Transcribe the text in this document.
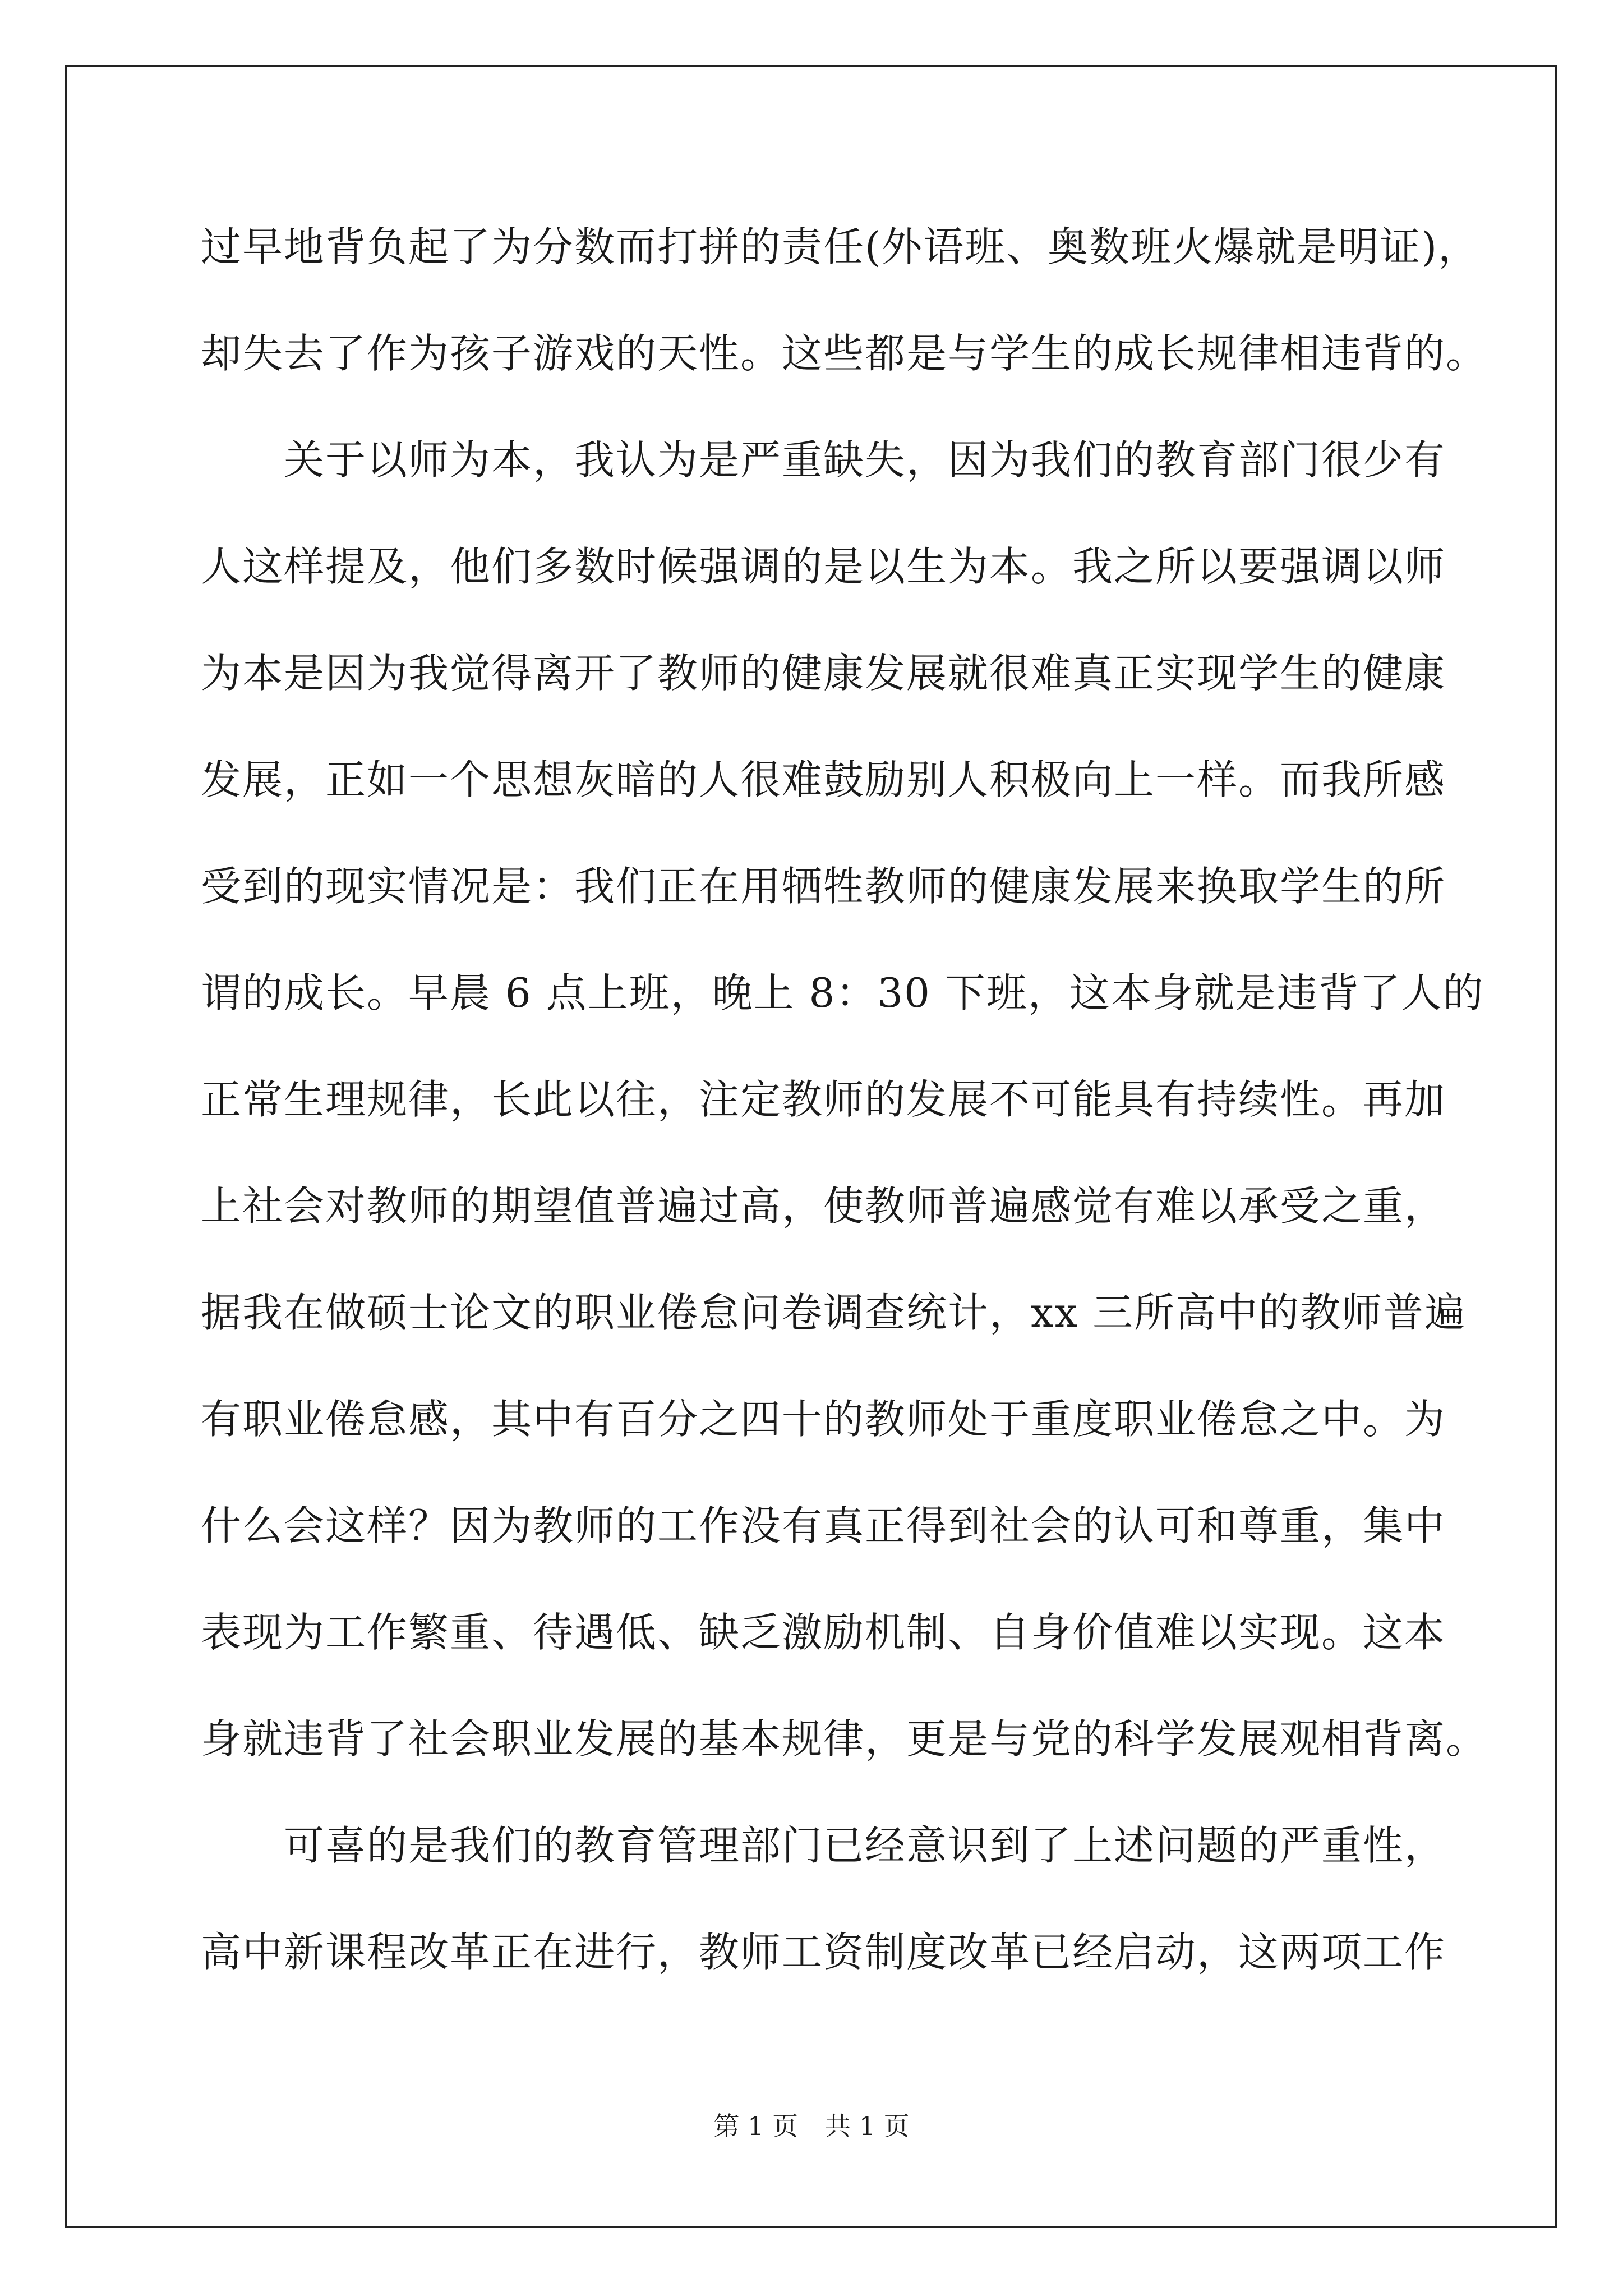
过早地背负起了为分数而打拼的责任(外语班、奥数班火爆就是明证)，
却失去了作为孩子游戏的天性。这些都是与学生的成长规律相违背的。
关于以师为本，我认为是严重缺失，因为我们的教育部门很少有
人这样提及，他们多数时候强调的是以生为本。我之所以要强调以师
为本是因为我觉得离开了教师的健康发展就很难真正实现学生的健康
发展，正如一个思想灰暗的人很难鼓励别人积极向上一样。而我所感
受到的现实情况是：我们正在用牺牲教师的健康发展来换取学生的所
谓的成长。早晨 6 点上班，晚上 8：30 下班，这本身就是违背了人的
正常生理规律，长此以往，注定教师的发展不可能具有持续性。再加
上社会对教师的期望值普遍过高，使教师普遍感觉有难以承受之重，
据我在做硕士论文的职业倦怠问卷调查统计，xx 三所高中的教师普遍
有职业倦怠感，其中有百分之四十的教师处于重度职业倦怠之中。为
什么会这样？因为教师的工作没有真正得到社会的认可和尊重，集中
表现为工作繁重、待遇低、缺乏激励机制、自身价值难以实现。这本
身就违背了社会职业发展的基本规律，更是与党的科学发展观相背离。
可喜的是我们的教育管理部门已经意识到了上述问题的严重性，
高中新课程改革正在进行，教师工资制度改革已经启动，这两项工作
第 1 页 共 1 页
